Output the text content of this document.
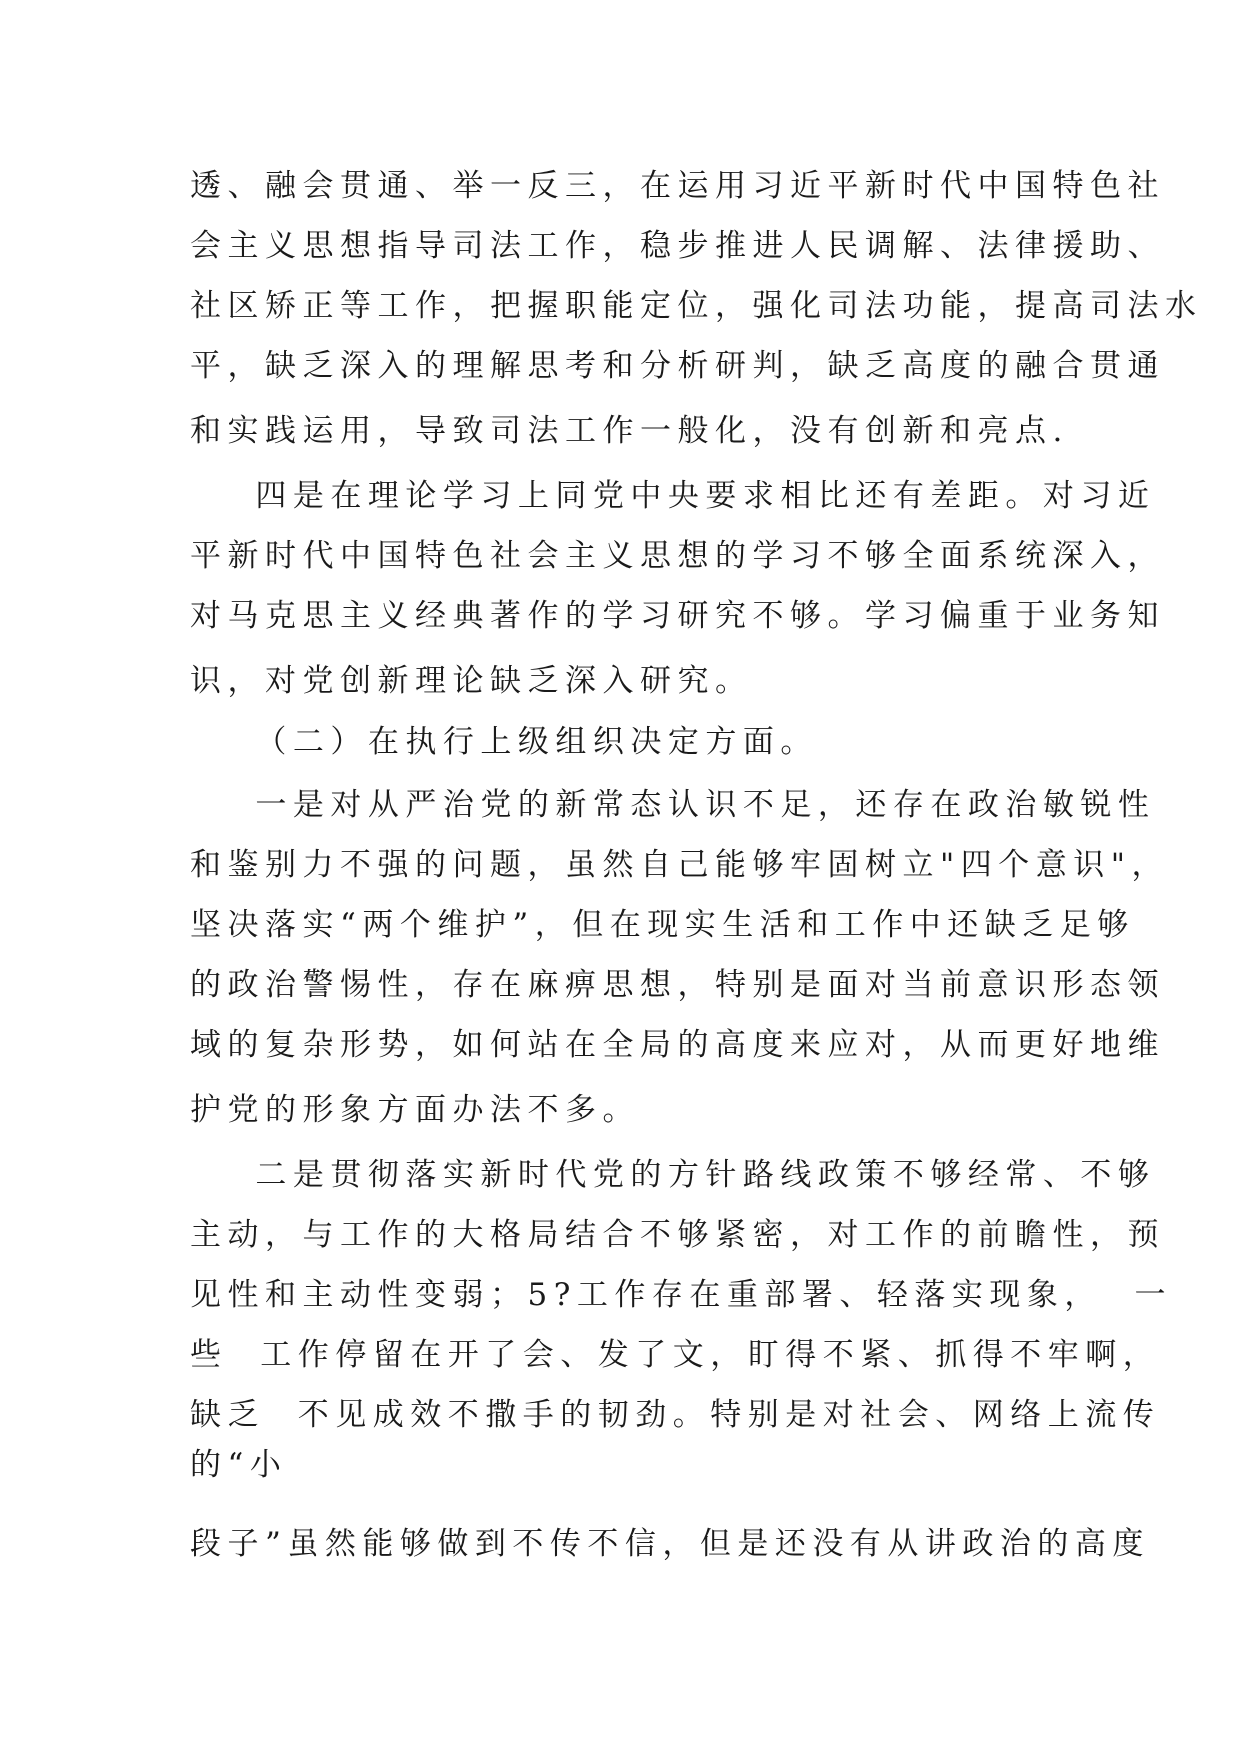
透、融会贯通、举一反三，在运用习近平新时代中国特色社

会主义思想指导司法工作，稳步推进人民调解、法律援助、

社区矫正等工作，把握职能定位，强化司法功能，提高司法水

平，缺乏深入的理解思考和分析研判，缺乏高度的融合贯通

和实践运用，导致司法工作一般化，没有创新和亮点.

四是在理论学习上同党中央要求相比还有差距。对习近

平新时代中国特色社会主义思想的学习不够全面系统深入，

对马克思主义经典著作的学习研究不够。学习偏重于业务知

识，对党创新理论缺乏深入研究。

（二）在执行上级组织决定方面。

一是对从严治党的新常态认识不足，还存在政治敏锐性

和鉴别力不强的问题，虽然自己能够牢固树立"四个意识"，

坚决落实“两个维护”，但在现实生活和工作中还缺乏足够

的政治警惕性，存在麻痹思想，特别是面对当前意识形态领

域的复杂形势，如何站在全局的高度来应对，从而更好地维

护党的形象方面办法不多。

二是贯彻落实新时代党的方针路线政策不够经常、不够

主动，与工作的大格局结合不够紧密，对工作的前瞻性，预

见性和主动性变弱；5?工作存在重部署、轻落实现象，  一

些  工作停留在开了会、发了文，盯得不紧、抓得不牢啊，

缺乏  不见成效不撒手的韧劲。特别是对社会、网络上流传

的“小

段子”虽然能够做到不传不信，但是还没有从讲政治的高度
